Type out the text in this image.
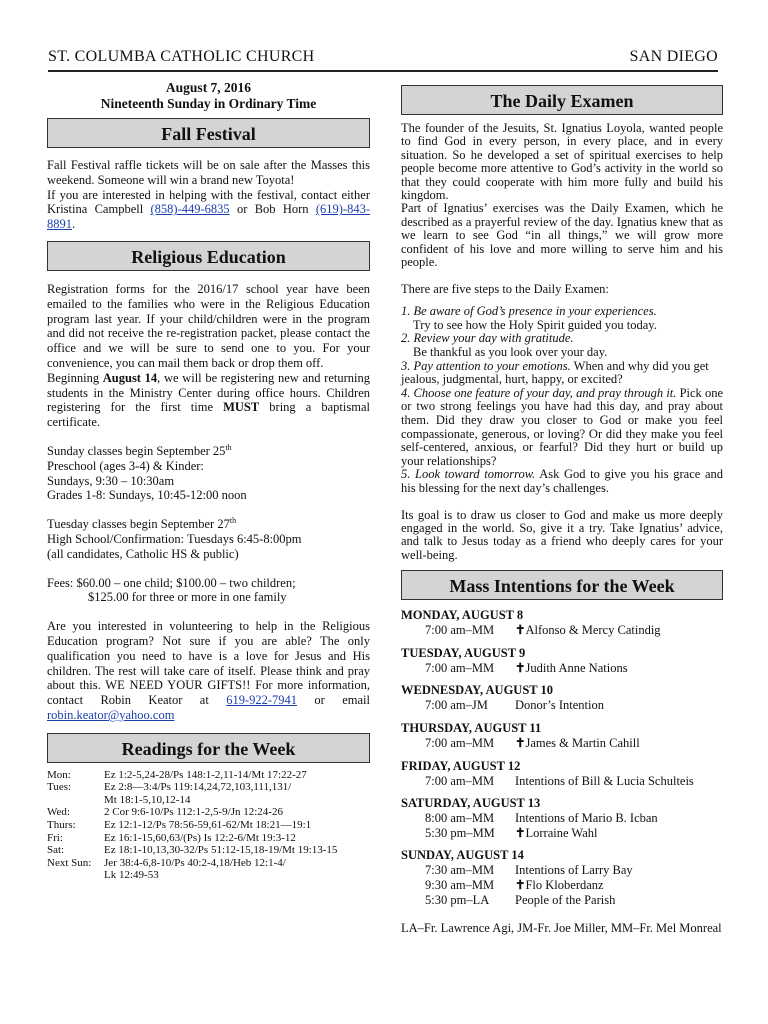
ST. COLUMBA CATHOLIC CHURCH	SAN DIEGO
August 7, 2016
Nineteenth Sunday in Ordinary Time
Fall Festival

Fall Festival raffle tickets will be on sale after the Masses this weekend. Someone will win a brand new Toyota!

If you are interested in helping with the festival, contact either Kristina Campbell (858)-449-6835 or Bob Horn (619)-843-8891.

Religious Education

Registration forms for the 2016/17 school year have been emailed to the families who were in the Religious Education program last year. If your child/children were in the program and did not receive the re-registration packet, please contact the office and we will be sure to send one to you. For your convenience, you can mail them back or drop them off.

Beginning August 14, we will be registering new and returning students in the Ministry Center during office hours. Children registering for the first time MUST bring a baptismal certificate.

Sunday classes begin September 25th
Preschool (ages 3-4) & Kinder:
Sundays, 9:30 – 10:30am
Grades 1-8: Sundays, 10:45-12:00 noon
Tuesday classes begin September 27th
High School/Confirmation: Tuesdays 6:45-8:00pm
(all candidates, Catholic HS & public)
Fees: $60.00 – one child; $100.00 – two children;
$125.00 for three or more in one family

Are you interested in volunteering to help in the Religious Education program? Not sure if you are able? The only qualification you need to have is a love for Jesus and His children. The rest will take care of itself. Please think and pray about this. WE NEED YOUR GIFTS!! For more information, contact Robin Keator at 619-922-7941 or email robin.keator@yahoo.com

Readings for the Week
Mon:	Ez 1:2-5,24-28/Ps 148:1-2,11-14/Mt 17:22-27
Tues:	Ez 2:8—3:4/Ps 119:14,24,72,103,111,131/
	Mt 18:1-5,10,12-14
Wed:	2 Cor 9:6-10/Ps 112:1-2,5-9/Jn 12:24-26
Thurs:	Ez 12:1-12/Ps 78:56-59,61-62/Mt 18:21—19:1
Fri:	Ez 16:1-15,60,63/(Ps) Is 12:2-6/Mt 19:3-12
Sat:	Ez 18:1-10,13,30-32/Ps 51:12-15,18-19/Mt 19:13-15
Next Sun:	Jer 38:4-6,8-10/Ps 40:2-4,18/Heb 12:1-4/
	Lk 12:49-53
The Daily Examen

The founder of the Jesuits, St. Ignatius Loyola, wanted people to find God in every person, in every place, and in every situation. So he developed a set of spiritual exercises to help people become more attentive to God’s activity in the world so that they could cooperate with him more fully and build his kingdom.

Part of Ignatius’ exercises was the Daily Examen, which he described as a prayerful review of the day. Ignatius knew that as we learn to see God “in all things,” we will grow more confident of his love and more willing to serve him and his people.

There are five steps to the Daily Examen:

1. Be aware of God’s presence in your experiences.
Try to see how the Holy Spirit guided you today.
2. Review your day with gratitude.
Be thankful as you look over your day.
3. Pay attention to your emotions. When and why did you get jealous, judgmental, hurt, happy, or excited?
4. Choose one feature of your day, and pray through it. Pick one or two strong feelings you have had this day, and pray about them. Did they draw you closer to God or make you feel compassionate, generous, or loving? Or did they make you feel self-centered, anxious, or fearful? Did they hurt or build up your relationships?
5. Look toward tomorrow. Ask God to give you his grace and his blessing for the next day’s challenges.

Its goal is to draw us closer to God and make us more deeply engaged in the world. So, give it a try. Take Ignatius’ advice, and talk to Jesus today as a friend who deeply cares for your well-being.

Mass Intentions for the Week
MONDAY, AUGUST 8
7:00 am–MM ✝Alfonso & Mercy Catindig
TUESDAY, AUGUST 9
7:00 am–MM ✝Judith Anne Nations
WEDNESDAY, AUGUST 10
7:00 am–JM Donor’s Intention
THURSDAY, AUGUST 11
7:00 am–MM ✝James & Martin Cahill
FRIDAY, AUGUST 12
7:00 am–MM Intentions of Bill & Lucia Schulteis
SATURDAY, AUGUST 13
8:00 am–MM Intentions of Mario B. Icban
5:30 pm–MM ✝Lorraine Wahl
SUNDAY, AUGUST 14
7:30 am–MM Intentions of Larry Bay
9:30 am–MM ✝Flo Kloberdanz
5:30 pm–LA People of the Parish
LA–Fr. Lawrence Agi, JM-Fr. Joe Miller, MM–Fr. Mel Monreal
